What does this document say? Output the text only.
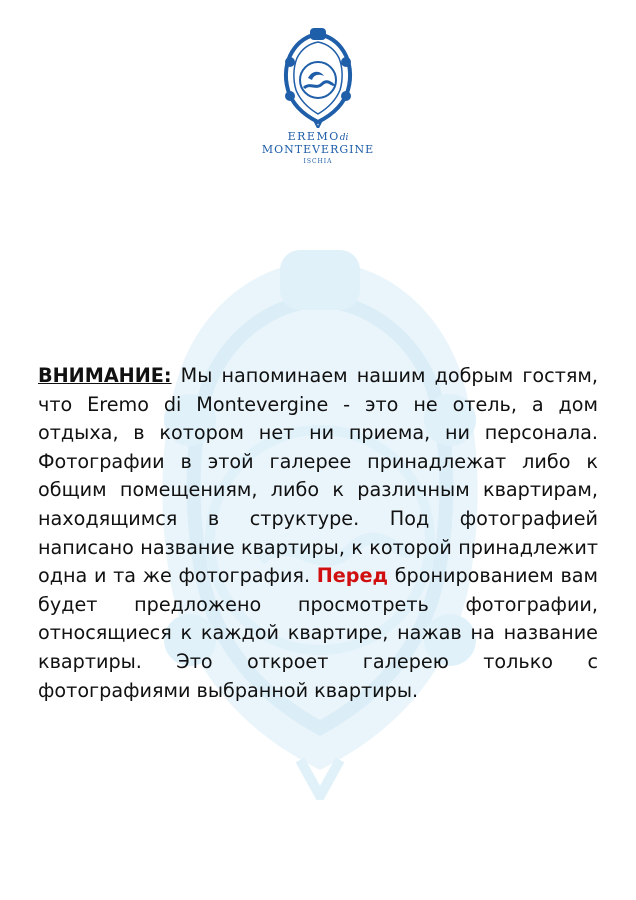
EREMOdi
MONTEVERGINE
ISCHIA
ВНИМАНИЕ: Мы напоминаем нашим добрым гостям, что Eremo di Montevergine - это не отель, а дом отдыха, в котором нет ни приема, ни персонала. Фотографии в этой галерее принадлежат либо к общим помещениям, либо к различным квартирам, находящимся в структуре. Под фотографией написано название квартиры, к которой принадлежит одна и та же фотография. Перед бронированием вам будет предложено просмотреть фотографии, относящиеся к каждой квартире, нажав на название квартиры. Это откроет галерею только с фотографиями выбранной квартиры.
